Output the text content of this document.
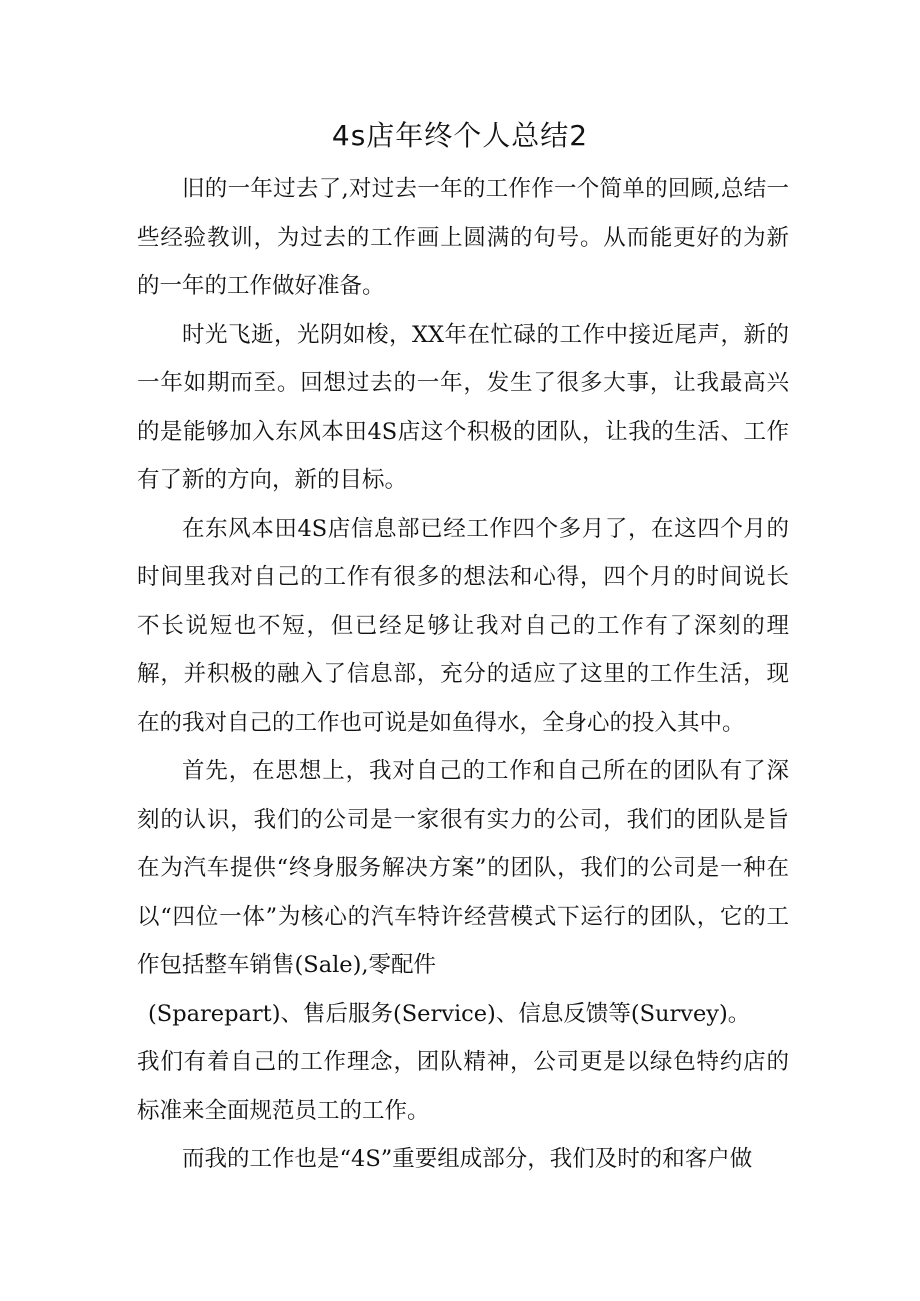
4s店年终个人总结2

旧的一年过去了,对过去一年的工作作一个简单的回顾,总结一些经验教训，为过去的工作画上圆满的句号。从而能更好的为新的一年的工作做好准备。

时光飞逝，光阴如梭，XX年在忙碌的工作中接近尾声，新的一年如期而至。回想过去的一年，发生了很多大事，让我最高兴的是能够加入东风本田4S店这个积极的团队，让我的生活、工作有了新的方向，新的目标。

在东风本田4S店信息部已经工作四个多月了，在这四个月的时间里我对自己的工作有很多的想法和心得，四个月的时间说长不长说短也不短，但已经足够让我对自己的工作有了深刻的理解，并积极的融入了信息部，充分的适应了这里的工作生活，现在的我对自己的工作也可说是如鱼得水，全身心的投入其中。

首先，在思想上，我对自己的工作和自己所在的团队有了深刻的认识，我们的公司是一家很有实力的公司，我们的团队是旨在为汽车提供“终身服务解决方案”的团队，我们的公司是一种在以“四位一体”为核心的汽车特许经营模式下运行的团队，它的工作包括整车销售(Sale),零配件

(Sparepart)、售后服务(Service)、信息反馈等(Survey)。

我们有着自己的工作理念，团队精神，公司更是以绿色特约店的标准来全面规范员工的工作。

而我的工作也是“4S”重要组成部分，我们及时的和客户做
